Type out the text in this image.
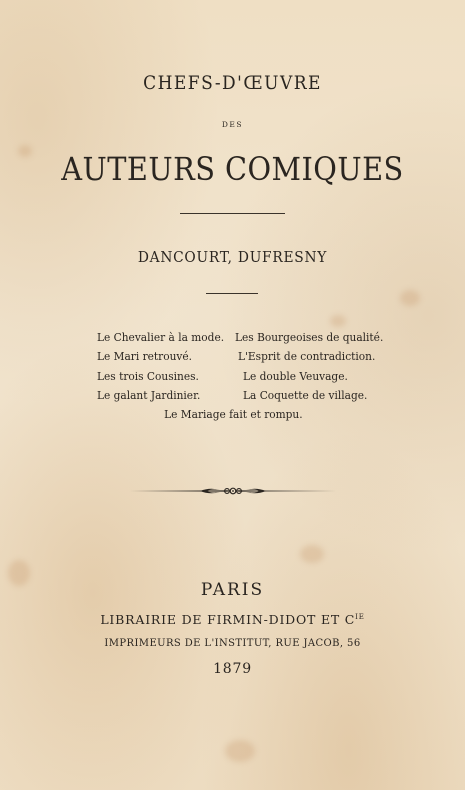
CHEFS-D'ŒUVRE
DES
AUTEURS COMIQUES
DANCOURT, DUFRESNY
Le Chevalier à la mode. Les Bourgeoises de qualité.
Le Mari retrouvé.	L'Esprit de contradiction.
Les trois Cousines.	Le double Veuvage.
Le galant Jardinier.	La Coquette de village.
Le Mariage fait et rompu.
PARIS
LIBRAIRIE DE FIRMIN-DIDOT ET $C^{IE}$
IMPRIMEURS DE L'INSTITUT, RUE JACOB, 56
1879
